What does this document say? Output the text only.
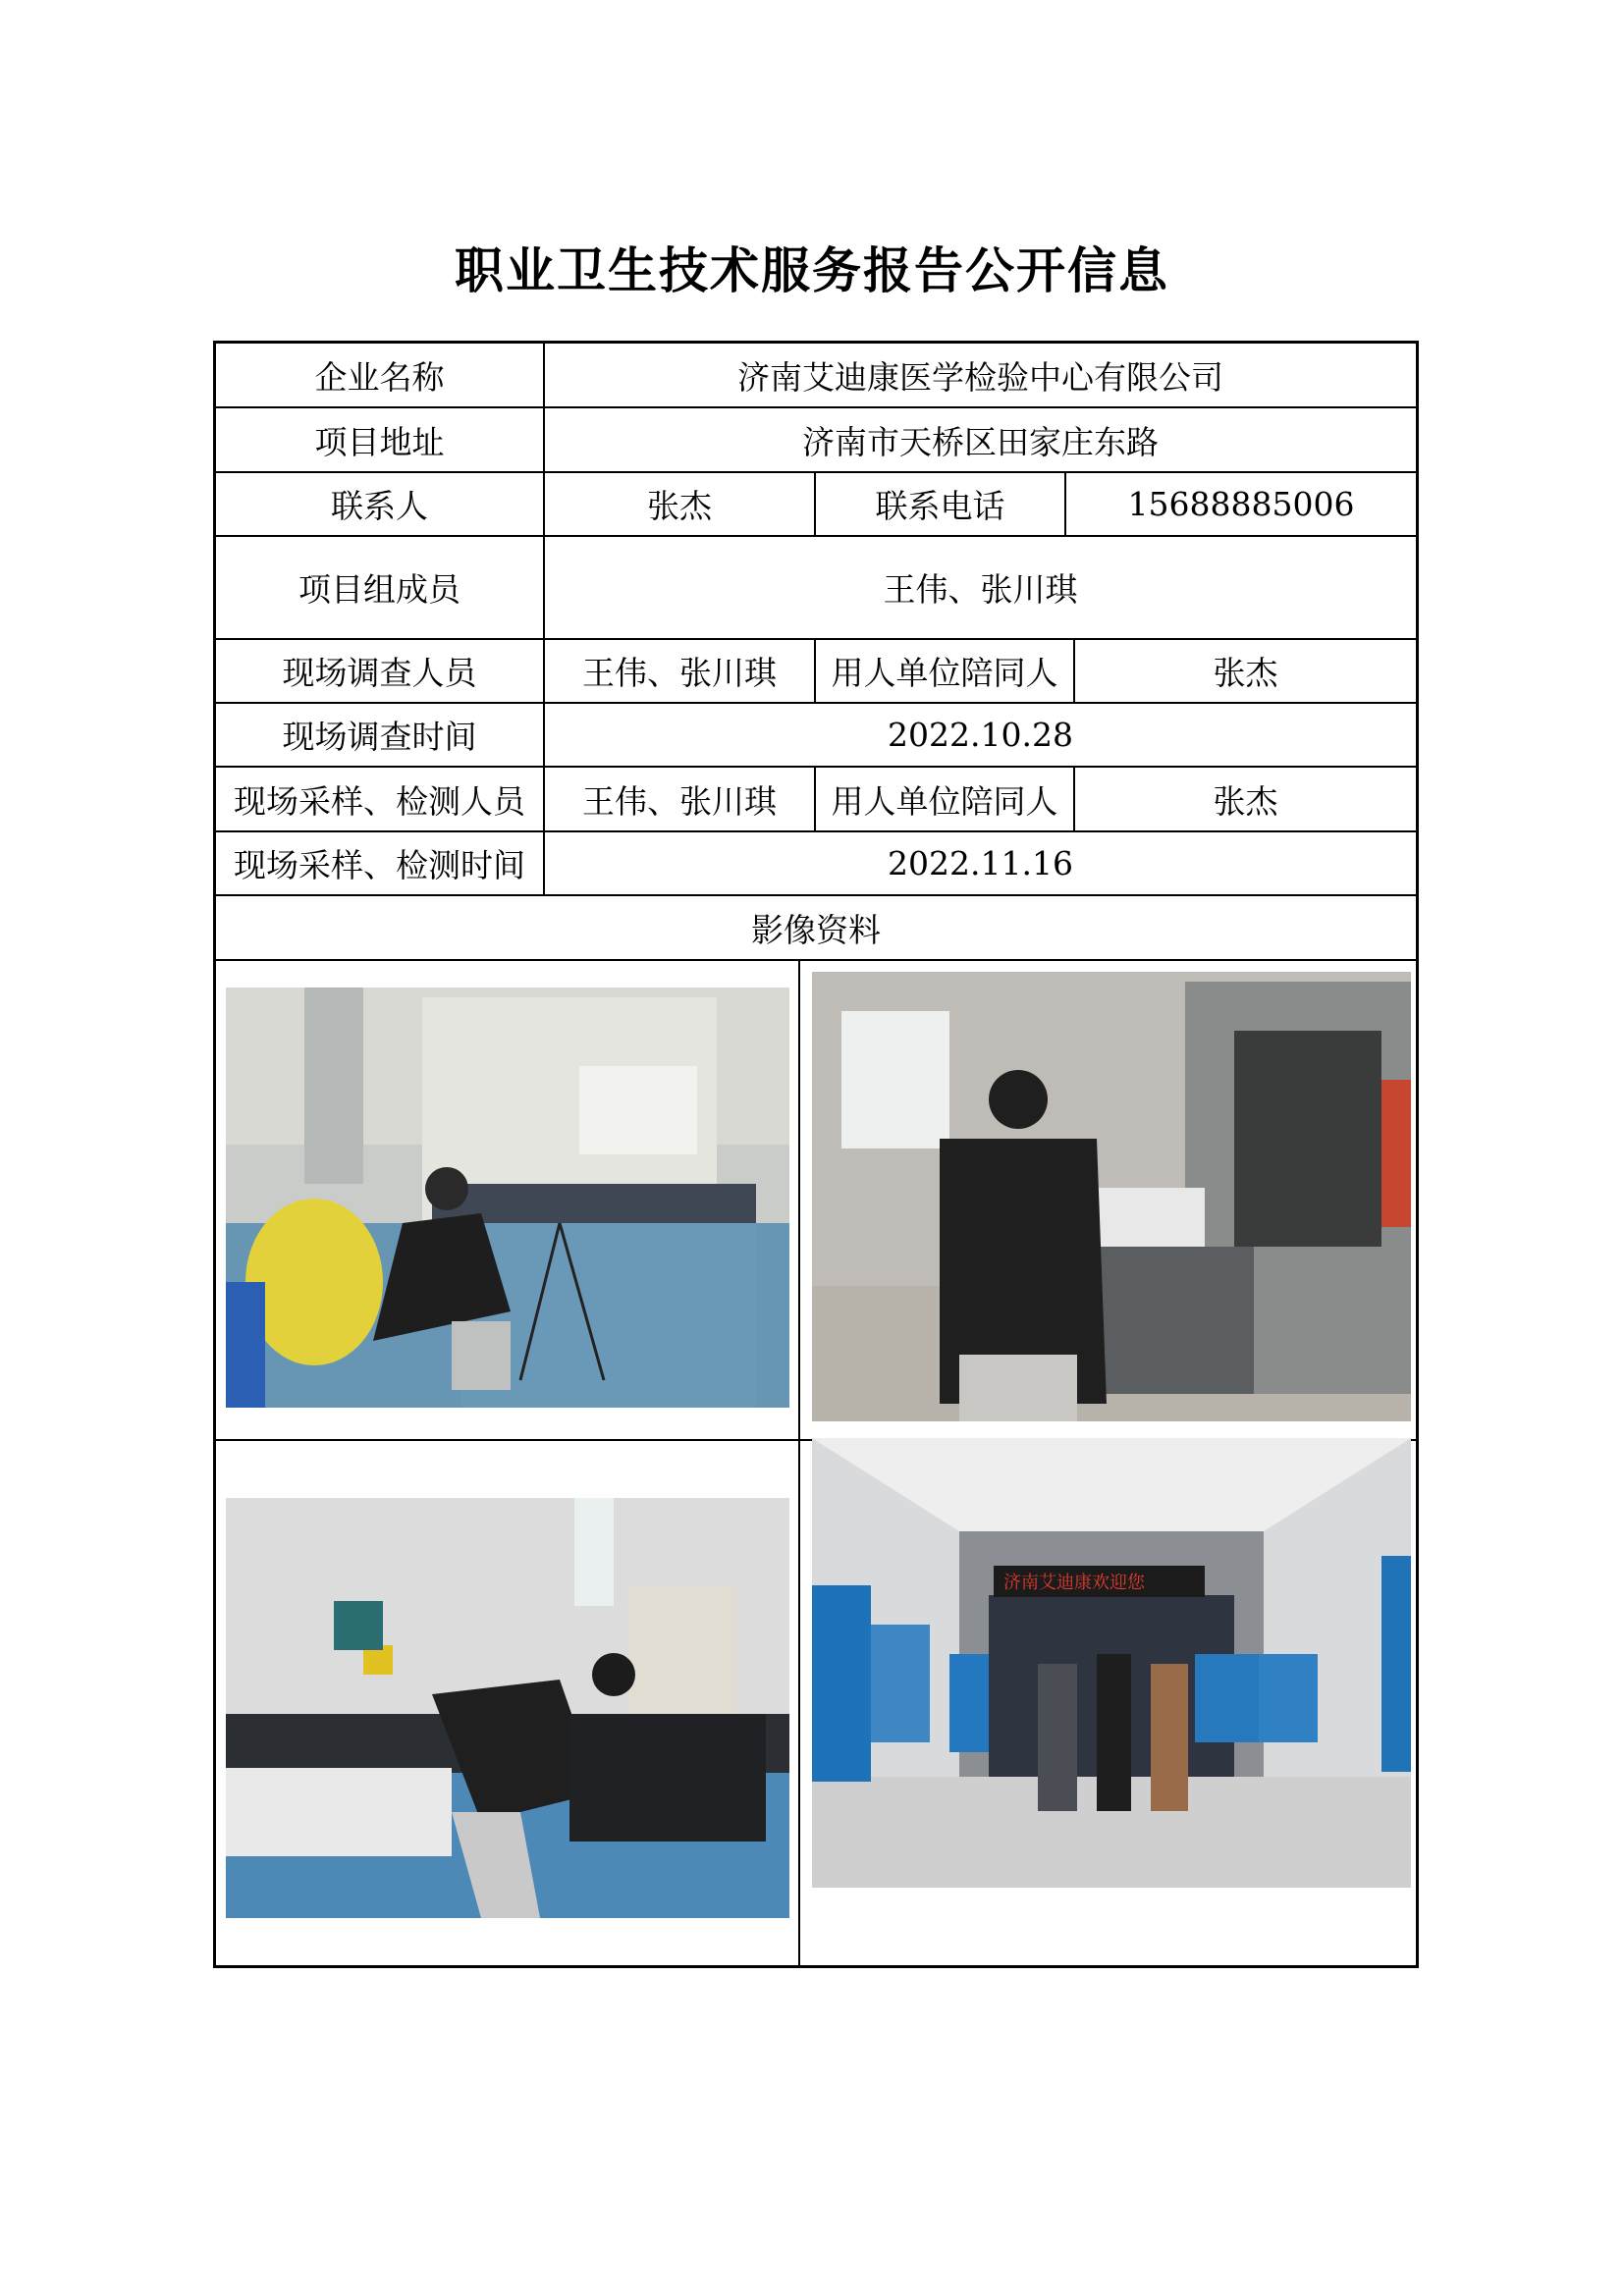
职业卫生技术服务报告公开信息
企业名称	济南艾迪康医学检验中心有限公司
项目地址	济南市天桥区田家庄东路
联系人	张杰	联系电话	15688885006
项目组成员	王伟、张川琪
现场调查人员	王伟、张川琪	用人单位陪同人	张杰
现场调查时间	2022.10.28
现场采样、检测人员	王伟、张川琪	用人单位陪同人	张杰
现场采样、检测时间	2022.11.16
影像资料
济南艾迪康欢迎您
